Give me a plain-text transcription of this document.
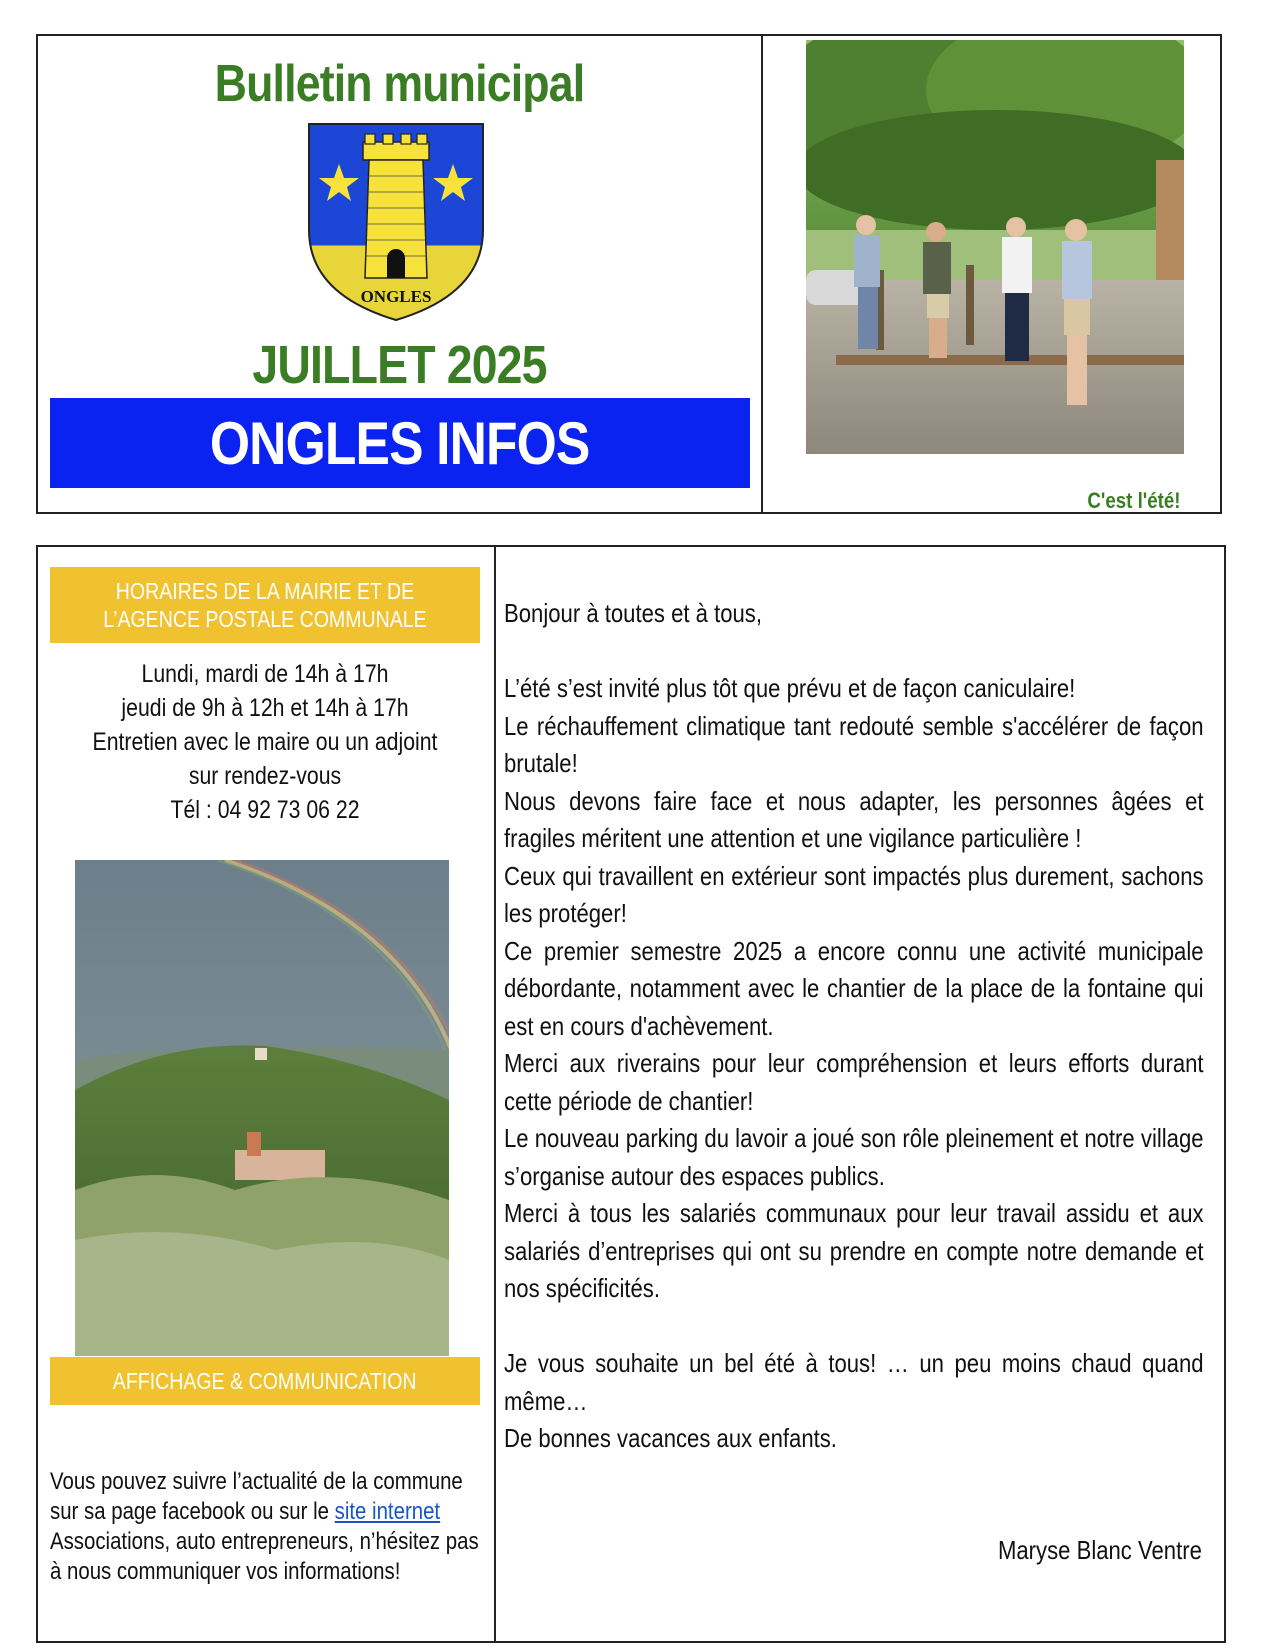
Bulletin municipal
ONGLES
JUILLET 2025
ONGLES INFOS
C'est l'été!
HORAIRES DE LA MAIRIE ET DE L’AGENCE POSTALE COMMUNALE
Lundi, mardi de 14h à 17h
jeudi de 9h à 12h et 14h à 17h
Entretien avec le maire ou un adjoint
sur rendez-vous
Tél : 04 92 73 06 22
AFFICHAGE & COMMUNICATION
Vous pouvez suivre l’actualité de la commune sur sa page facebook ou sur le site internet
Associations, auto entrepreneurs, n’hésitez pas à nous communiquer vos informations!

Bonjour à toutes et à tous,

L’été s’est invité plus tôt que prévu et de façon caniculaire!

Le réchauffement climatique tant redouté semble s'accélérer de façon brutale!

Nous devons faire face et nous adapter, les personnes âgées et fragiles méritent une attention et une vigilance particulière !

Ceux qui travaillent en extérieur sont impactés plus durement, sachons les protéger!

Ce premier semestre 2025 a encore connu une activité municipale débordante, notamment avec le chantier de la place de la fontaine qui est en cours d'achèvement.

Merci aux riverains pour leur compréhension et leurs efforts durant cette période de chantier!

Le nouveau parking du lavoir a joué son rôle pleinement et notre village s’organise autour des espaces publics.

Merci à tous les salariés communaux pour leur travail assidu et aux salariés d’entreprises qui ont su prendre en compte notre demande et nos spécificités.

Je vous souhaite un bel été à tous! … un peu moins chaud quand même…

De bonnes vacances aux enfants.

Maryse Blanc Ventre
